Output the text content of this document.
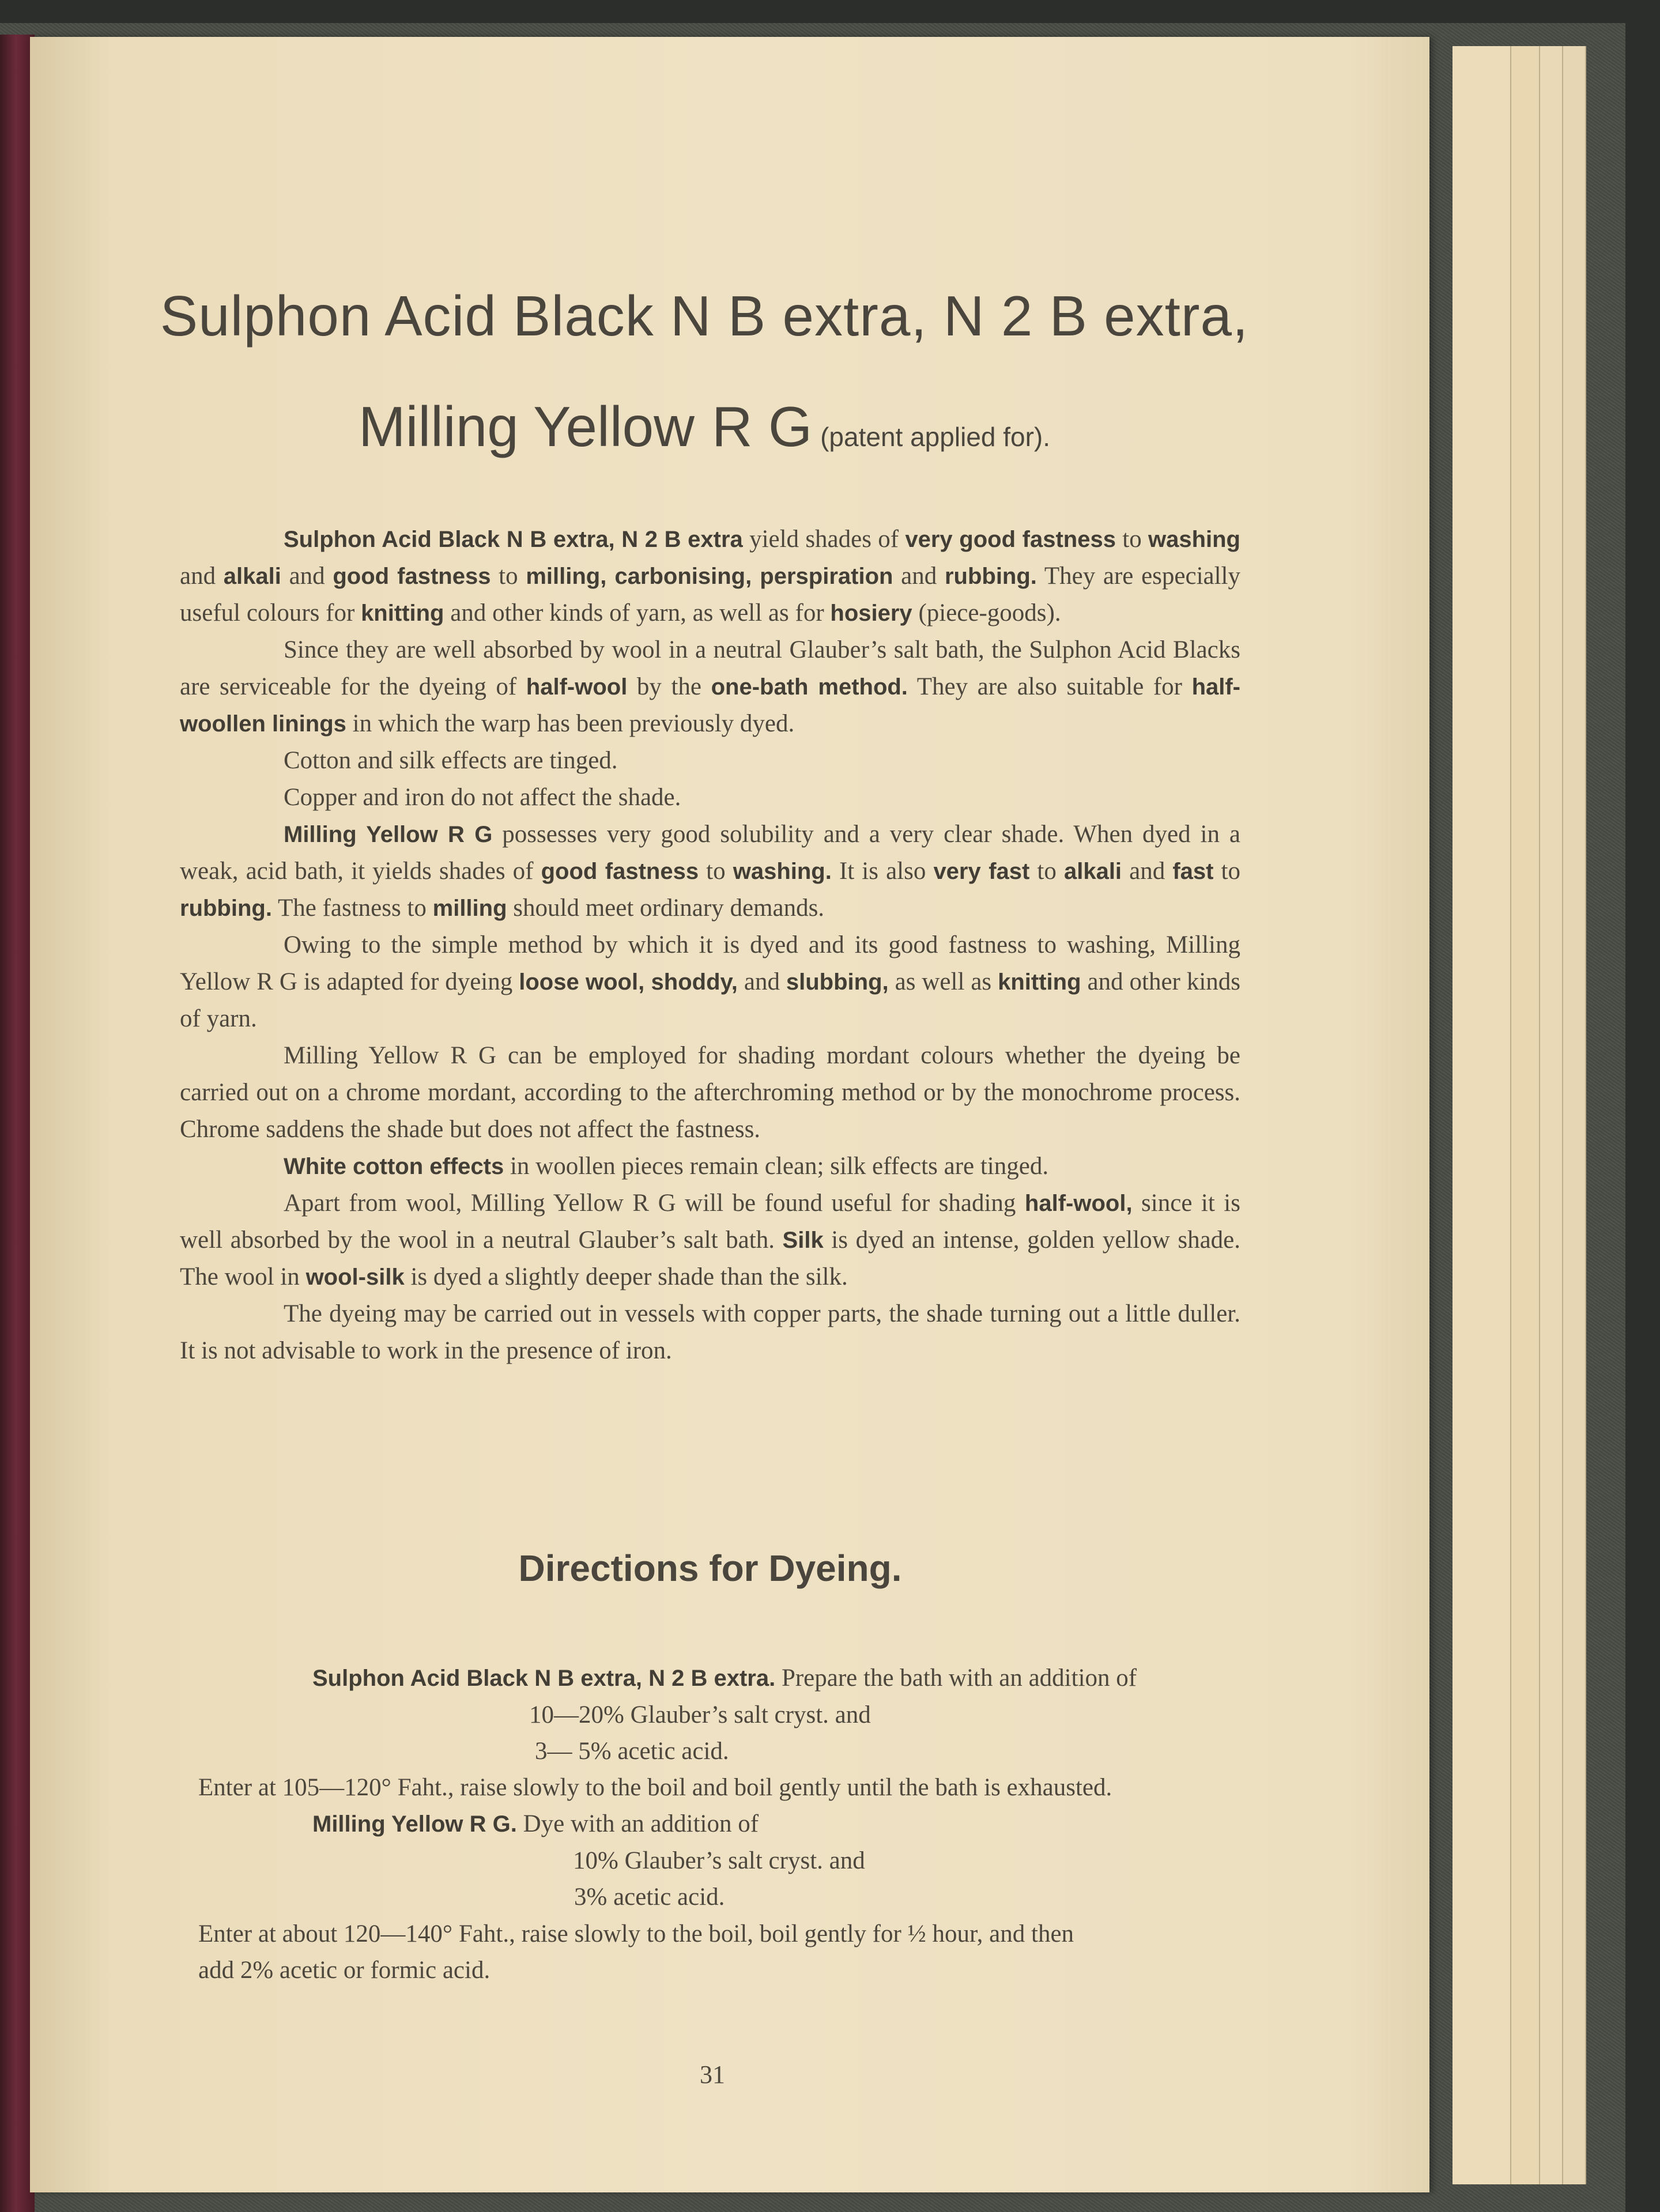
Sulphon Acid Black N B extra, N 2 B extra,
Milling Yellow R G (patent applied for).

Sulphon Acid Black N B extra, N 2 B extra yield shades of very good fastness to washing and alkali and good fastness to milling, carbonising, perspiration and rubbing. They are especially useful colours for knitting and other kinds of yarn, as well as for hosiery (piece-goods).

Since they are well absorbed by wool in a neutral Glauber’s salt bath, the Sulphon Acid Blacks are serviceable for the dyeing of half-wool by the one-bath method. They are also suitable for half-woollen linings in which the warp has been previously dyed.

Cotton and silk effects are tinged.

Copper and iron do not affect the shade.

Milling Yellow R G possesses very good solubility and a very clear shade. When dyed in a weak, acid bath, it yields shades of good fastness to washing. It is also very fast to alkali and fast to rubbing. The fastness to milling should meet ordinary demands.

Owing to the simple method by which it is dyed and its good fastness to washing, Milling Yellow R G is adapted for dyeing loose wool, shoddy, and slubbing, as well as knitting and other kinds of yarn.

Milling Yellow R G can be employed for shading mordant colours whether the dyeing be carried out on a chrome mordant, according to the afterchroming method or by the monochrome process. Chrome saddens the shade but does not affect the fastness.

White cotton effects in woollen pieces remain clean; silk effects are tinged.

Apart from wool, Milling Yellow R G will be found useful for shading half-wool, since it is well absorbed by the wool in a neutral Glauber’s salt bath. Silk is dyed an intense, golden yellow shade. The wool in wool-silk is dyed a slightly deeper shade than the silk.

The dyeing may be carried out in vessels with copper parts, the shade turning out a little duller. It is not advisable to work in the presence of iron.

Directions for Dyeing.
Sulphon Acid Black N B extra, N 2 B extra. Prepare the bath with an addition of
10—20% Glauber’s salt cryst. and
3— 5% acetic acid.
Enter at 105—120° Faht., raise slowly to the boil and boil gently until the bath is exhausted.
Milling Yellow R G. Dye with an addition of
10% Glauber’s salt cryst. and
3% acetic acid.
Enter at about 120—140° Faht., raise slowly to the boil, boil gently for ½ hour, and then
add 2% acetic or formic acid.
31
